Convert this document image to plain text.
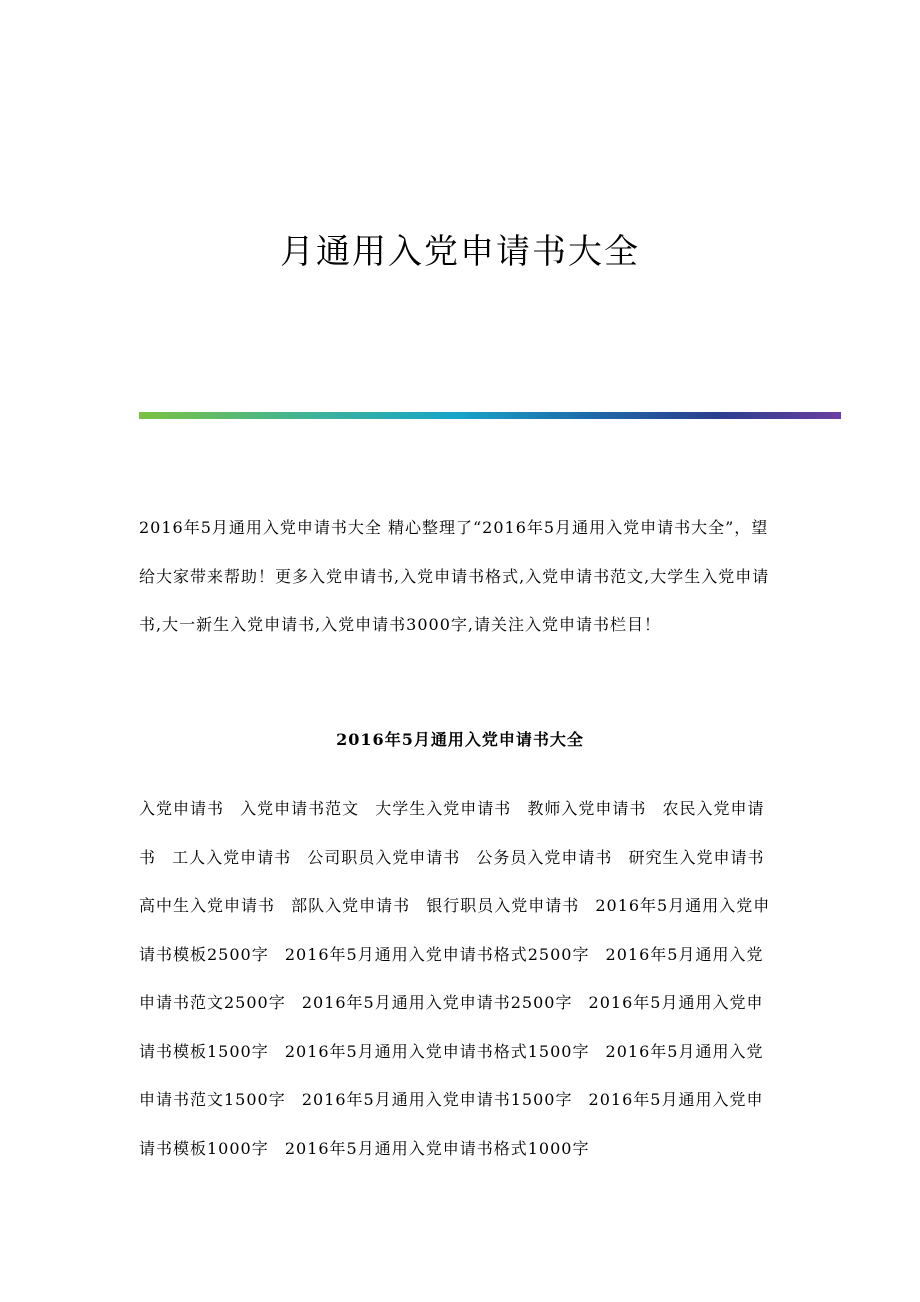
月通用入党申请书大全

2016年5月通用入党申请书大全 精心整理了“2016年5月通用入党申请书大全”，望给大家带来帮助！更多入党申请书,入党申请书格式,入党申请书范文,大学生入党申请书,大一新生入党申请书,入党申请书3000字,请关注入党申请书栏目！

2016年5月通用入党申请书大全

入党申请书 入党申请书范文 大学生入党申请书 教师入党申请书 农民入党申请书 工人入党申请书 公司职员入党申请书 公务员入党申请书 研究生入党申请书 高中生入党申请书 部队入党申请书 银行职员入党申请书 2016年5月通用入党申请书模板2500字 2016年5月通用入党申请书格式2500字 2016年5月通用入党申请书范文2500字 2016年5月通用入党申请书2500字 2016年5月通用入党申请书模板1500字 2016年5月通用入党申请书格式1500字 2016年5月通用入党申请书范文1500字 2016年5月通用入党申请书1500字 2016年5月通用入党申请书模板1000字 2016年5月通用入党申请书格式1000字
